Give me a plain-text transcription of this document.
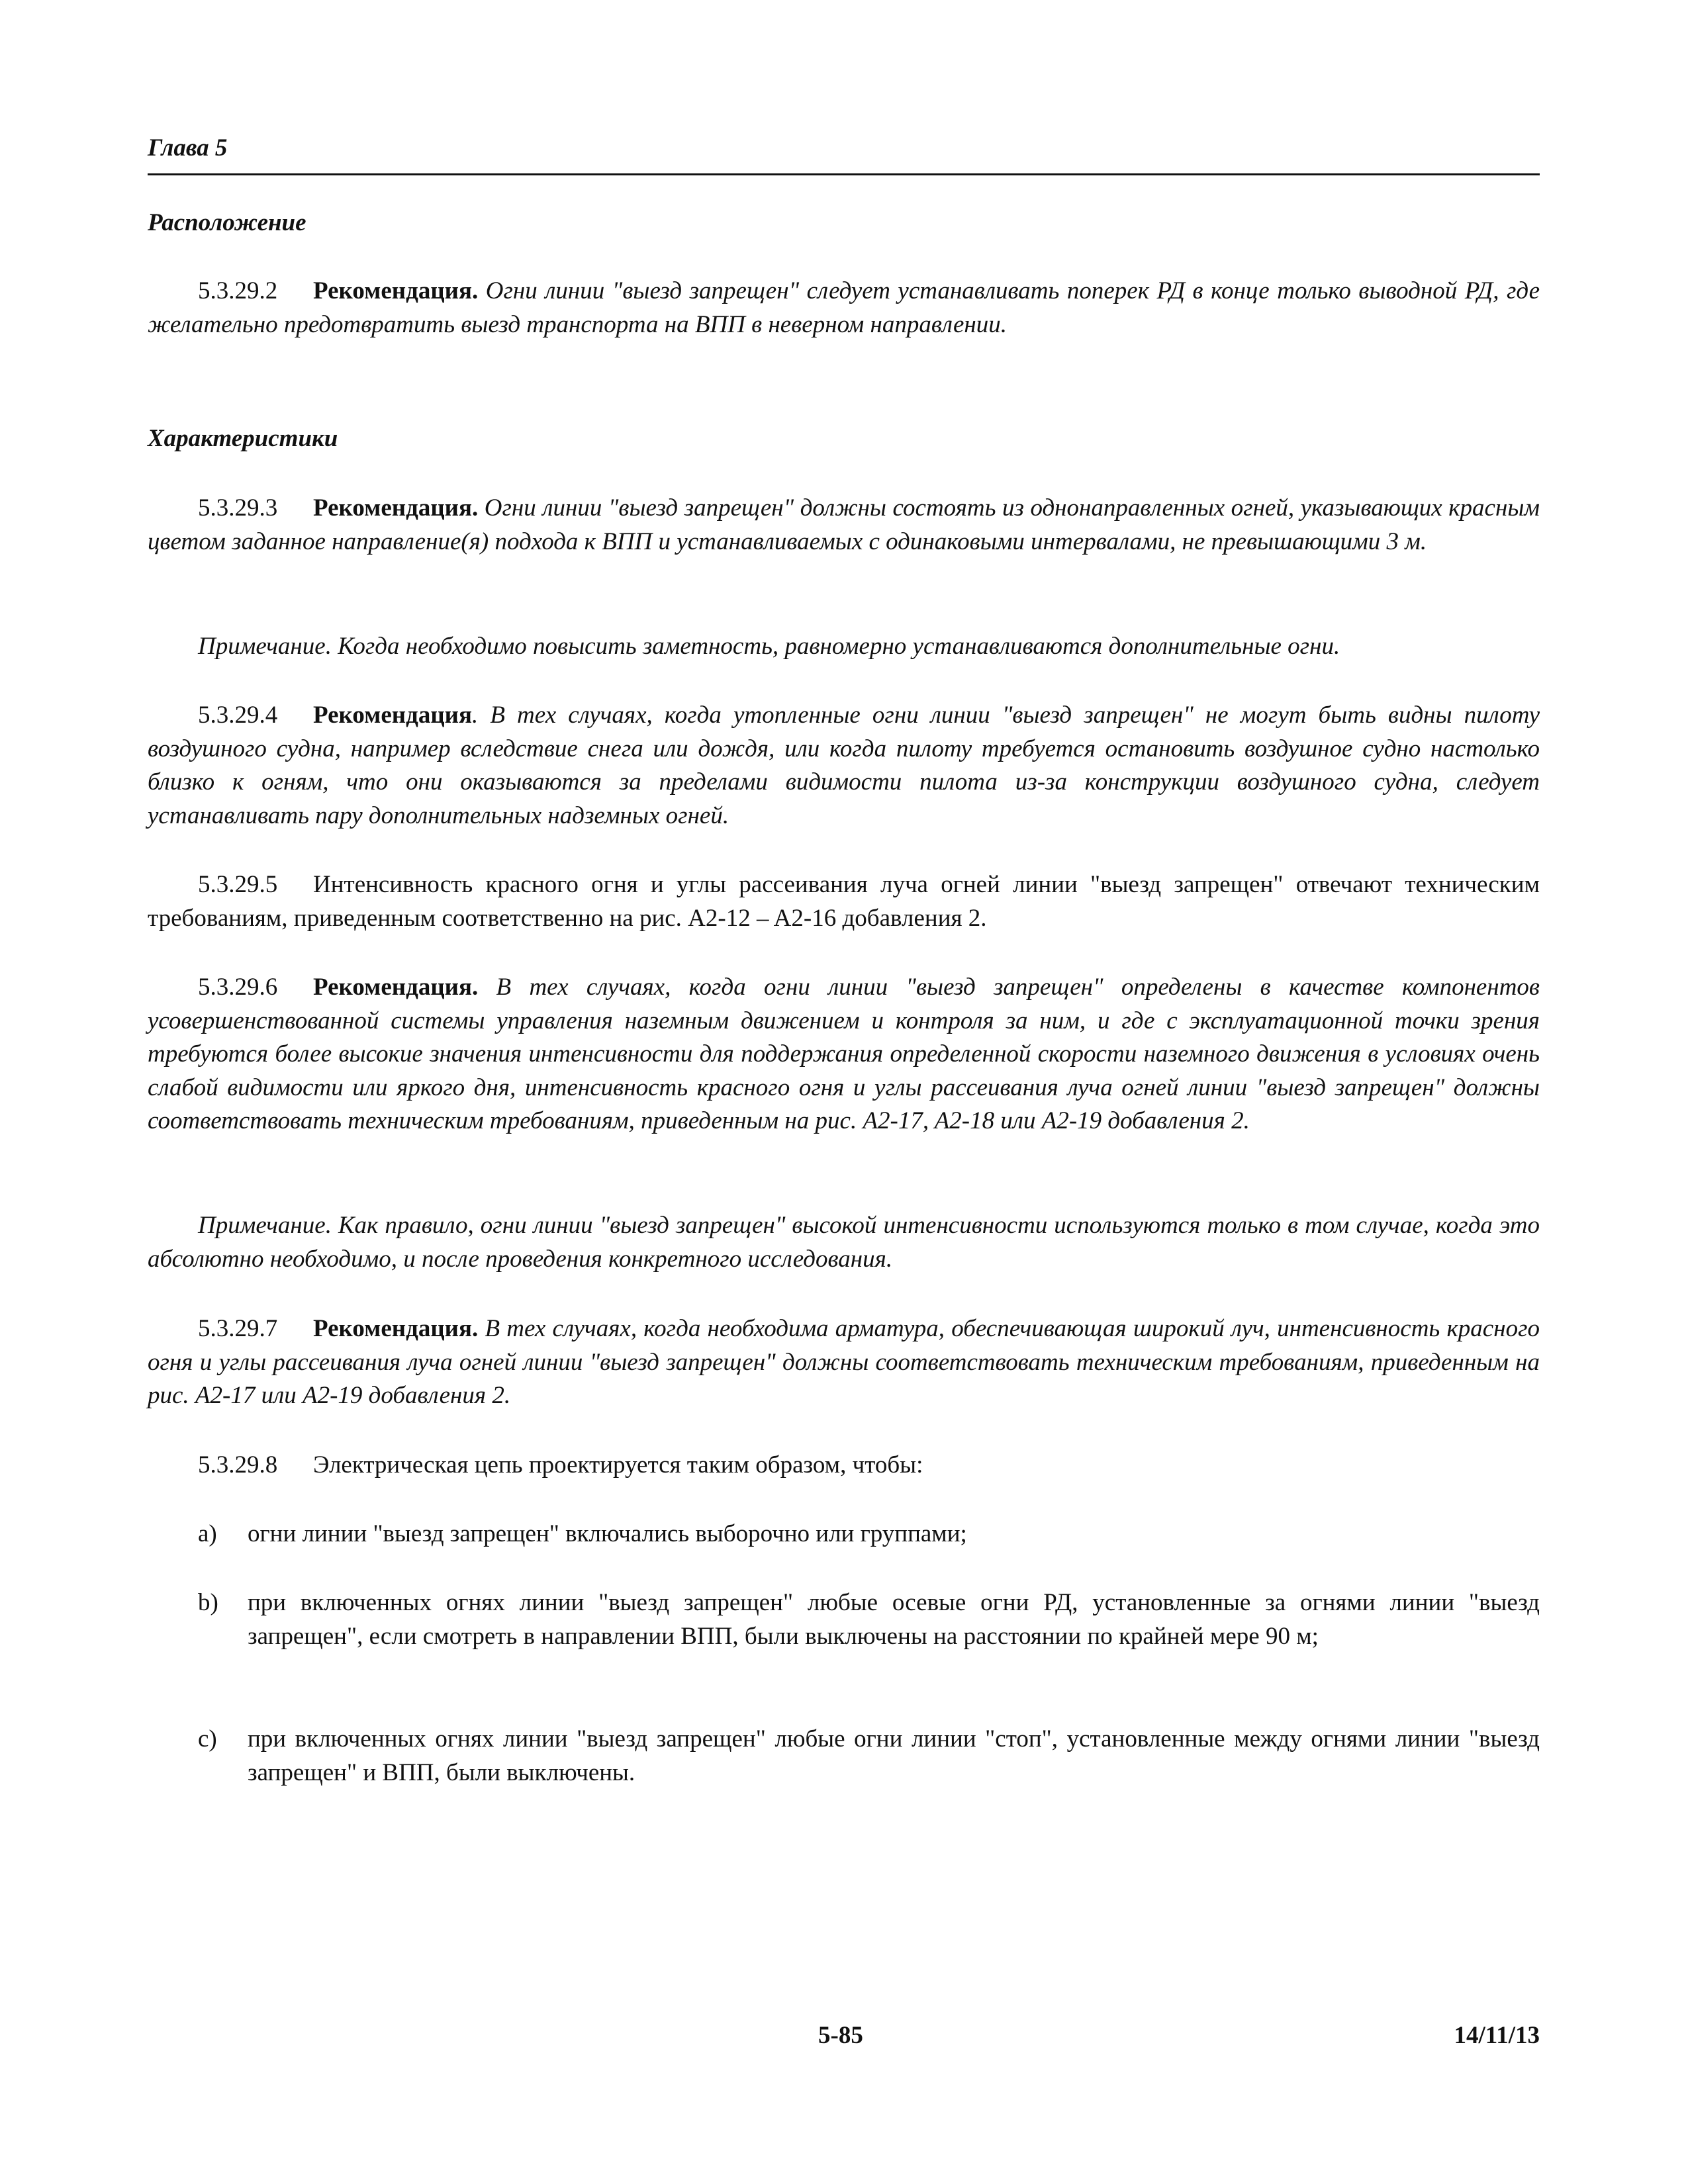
Глава 5
Расположение

5.3.29.2 Рекомендация. Огни линии "выезд запрещен" следует устанавливать поперек РД в конце только выводной РД, где желательно предотвратить выезд транспорта на ВПП в неверном направлении.

Характеристики

5.3.29.3 Рекомендация. Огни линии "выезд запрещен" должны состоять из однонаправленных огней, указывающих красным цветом заданное направление(я) подхода к ВПП и устанавливаемых с одинаковыми интервалами, не превышающими 3 м.

Примечание. Когда необходимо повысить заметность, равномерно устанавливаются дополнительные огни.

5.3.29.4 Рекомендация. В тех случаях, когда утопленные огни линии "выезд запрещен" не могут быть видны пилоту воздушного судна, например вследствие снега или дождя, или когда пилоту требуется остановить воздушное судно настолько близко к огням, что они оказываются за пределами видимости пилота из-за конструкции воздушного судна, следует устанавливать пару дополнительных надземных огней.

5.3.29.5 Интенсивность красного огня и углы рассеивания луча огней линии "выезд запрещен" отвечают техническим требованиям, приведенным соответственно на рис. A2-12 – A2-16 добавления 2.

5.3.29.6 Рекомендация. В тех случаях, когда огни линии "выезд запрещен" определены в качестве компонентов усовершенствованной системы управления наземным движением и контроля за ним, и где с эксплуатационной точки зрения требуются более высокие значения интенсивности для поддержания определенной скорости наземного движения в условиях очень слабой видимости или яркого дня, интенсивность красного огня и углы рассеивания луча огней линии "выезд запрещен" должны соответствовать техническим требованиям, приведенным на рис. A2-17, A2-18 или A2-19 добавления 2.

Примечание. Как правило, огни линии "выезд запрещен" высокой интенсивности используются только в том случае, когда это абсолютно необходимо, и после проведения конкретного исследования.

5.3.29.7 Рекомендация. В тех случаях, когда необходима арматура, обеспечивающая широкий луч, интенсивность красного огня и углы рассеивания луча огней линии "выезд запрещен" должны соответствовать техническим требованиям, приведенным на рис. A2-17 или A2-19 добавления 2.

5.3.29.8 Электрическая цепь проектируется таким образом, чтобы:

a) огни линии "выезд запрещен" включались выборочно или группами;
b) при включенных огнях линии "выезд запрещен" любые осевые огни РД, установленные за огнями линии "выезд запрещен", если смотреть в направлении ВПП, были выключены на расстоянии по крайней мере 90 м;
c) при включенных огнях линии "выезд запрещен" любые огни линии "стоп", установленные между огнями линии "выезд запрещен" и ВПП, были выключены.
5-85	14/11/13
